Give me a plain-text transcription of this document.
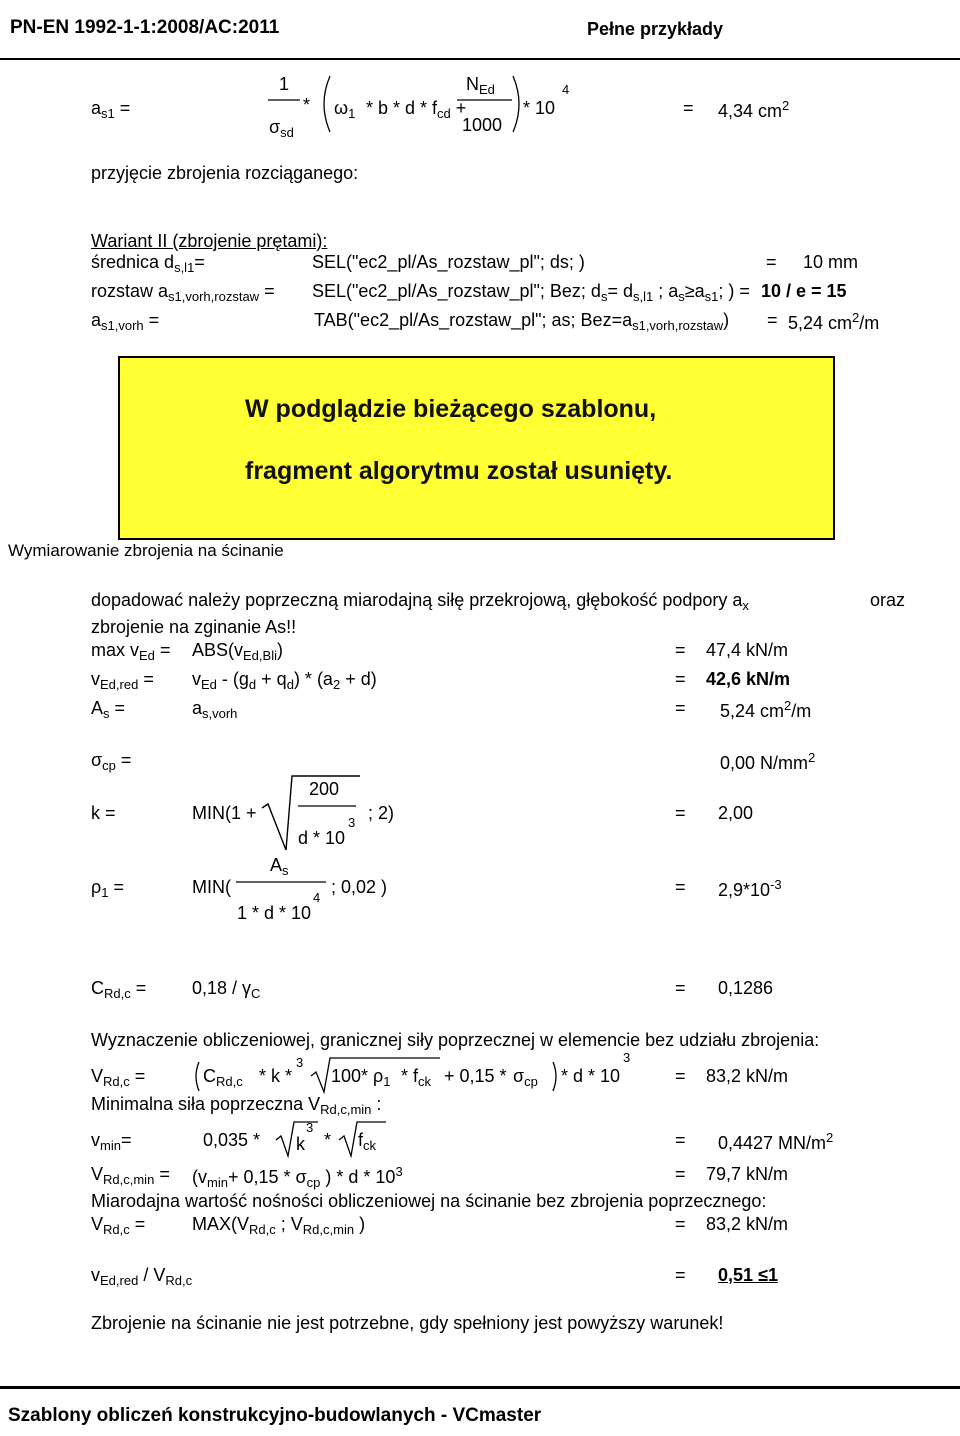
PN-EN 1992-1-1:2008/AC:2011	Pełne przykłady
$a_{s1}$ =
1
$\sigma_{sd}$
* $\omega_1$ * b * d * $f_{cd}$ +
$N_{Ed}$
1000
* 10
4
= 4,34 $cm^2$
przyjęcie zbrojenia rozciąganego:
Wariant II (zbrojenie prętami):
średnica $d_{s,l1}=$	SEL("ec2_pl/As_rozstaw_pl"; ds; )	= 10 mm
rozstaw $a_{s1,vorh,rozstaw}$ = SEL("ec2_pl/As_rozstaw_pl"; Bez; $d_s= d_{s,l1}$ ; $a_s\ge a_{s1}$; ) = 10 / e = 15
$a_{s1,vorh}$ =	TAB("ec2_pl/As_rozstaw_pl"; as; $Bez=a_{s1,vorh,rozstaw}) = 5,24$ $cm^2/m$
W podglądzie bieżącego szablonu,
fragment algorytmu został usunięty.
Wymiarowanie zbrojenia na ścinanie
dopadować należy poprzeczną miarodajną siłę przekrojową, głębokość podpory $a_x$	oraz
zbrojenie na zginanie As!!
$\max v_{Ed} = ABS(v_{Ed,Bli})$	= 47,4 kN/m
$v_{Ed,red} = v_{Ed} - (g_d + q_d) * (a_2 + d)$	= 42,6 kN/m
$A_s$ =	$a_{s,vorh}$	= 5,24 $cm^2/m$
$\sigma_{cp}$ =	0,00 $N/mm^2$
k =	MIN(1 +
200
d * 10
3 ; 2)	= 2,00
$\rho_1$ =	MIN(
$A_s$
1 * d * 10
4
; 0,02 )	= $2,9*10^{-3}$
$C_{Rd,c}$ =	$0,18 / \gamma_C$	= 0,1286
Wyznaczenie obliczeniowej, granicznej siły poprzecznej w elemencie bez udziału zbrojenia:
$V_{Rd,c}$ =	$C_{Rd,c}$ * k *
3
100* $\rho_1 * f_{ck} + 0,15 * \sigma_{cp} * d * 10$
3
= 83,2 kN/m
Minimalna siła poprzeczna $V_{Rd,c,min}$ :
$v_{min}=$	0,035 *
3
k * $f_{ck}$	= 0,4427 $MN/m^2$
$V_{Rd,c,min} = (v_{min}+ 0,15 * \sigma_{cp}$ ) * d * $10^3$	= 79,7 kN/m
Miarodajna wartość nośności obliczeniowej na ścinanie bez zbrojenia poprzecznego:
$V_{Rd,c}$ =	$MAX(V_{Rd,c}$ ; $V_{Rd,c,min}$ )	= 83,2 kN/m
$v_{Ed,red} / V_{Rd,c}$	= 0,51 ≤1
Zbrojenie na ścinanie nie jest potrzebne, gdy spełniony jest powyższy warunek!
Szablony obliczeń konstrukcyjno-budowlanych - VCmaster
